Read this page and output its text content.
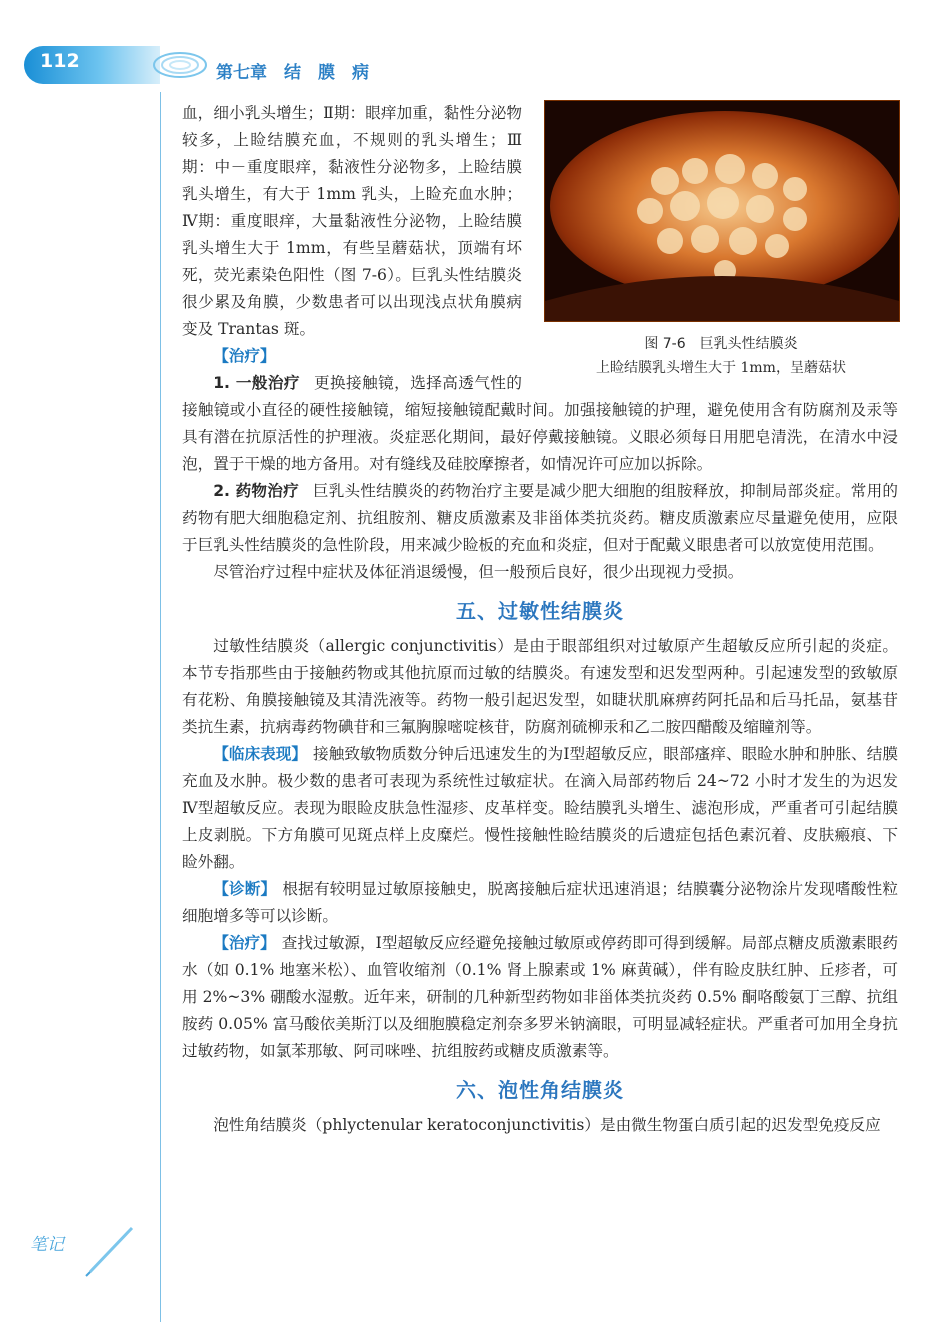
112
第七章　结　膜　病
笔记
图 7-6　巨乳头性结膜炎
上睑结膜乳头增生大于 1mm，呈蘑菇状

血，细小乳头增生；Ⅱ期：眼痒加重，黏性分泌物较多，上睑结膜充血，不规则的乳头增生；Ⅲ期：中－重度眼痒，黏液性分泌物多，上睑结膜乳头增生，有大于 1mm 乳头，上睑充血水肿；Ⅳ期：重度眼痒，大量黏液性分泌物，上睑结膜乳头增生大于 1mm，有些呈蘑菇状，顶端有坏死，荧光素染色阳性（图 7-6）。巨乳头性结膜炎很少累及角膜，少数患者可以出现浅点状角膜病变及 Trantas 斑。

【治疗】

1. 一般治疗 更换接触镜，选择高透气性的接触镜或小直径的硬性接触镜，缩短接触镜配戴时间。加强接触镜的护理，避免使用含有防腐剂及汞等具有潜在抗原活性的护理液。炎症恶化期间，最好停戴接触镜。义眼必须每日用肥皂清洗，在清水中浸泡，置于干燥的地方备用。对有缝线及硅胶摩擦者，如情况许可应加以拆除。

2. 药物治疗 巨乳头性结膜炎的药物治疗主要是减少肥大细胞的组胺释放，抑制局部炎症。常用的药物有肥大细胞稳定剂、抗组胺剂、糖皮质激素及非甾体类抗炎药。糖皮质激素应尽量避免使用，应限于巨乳头性结膜炎的急性阶段，用来减少睑板的充血和炎症，但对于配戴义眼患者可以放宽使用范围。

尽管治疗过程中症状及体征消退缓慢，但一般预后良好，很少出现视力受损。

五、过敏性结膜炎

过敏性结膜炎（allergic conjunctivitis）是由于眼部组织对过敏原产生超敏反应所引起的炎症。本节专指那些由于接触药物或其他抗原而过敏的结膜炎。有速发型和迟发型两种。引起速发型的致敏原有花粉、角膜接触镜及其清洗液等。药物一般引起迟发型，如睫状肌麻痹药阿托品和后马托品，氨基苷类抗生素，抗病毒药物碘苷和三氟胸腺嘧啶核苷，防腐剂硫柳汞和乙二胺四醋酸及缩瞳剂等。

【临床表现】 接触致敏物质数分钟后迅速发生的为Ⅰ型超敏反应，眼部瘙痒、眼睑水肿和肿胀、结膜充血及水肿。极少数的患者可表现为系统性过敏症状。在滴入局部药物后 24~72 小时才发生的为迟发Ⅳ型超敏反应。表现为眼睑皮肤急性湿疹、皮革样变。睑结膜乳头增生、滤泡形成，严重者可引起结膜上皮剥脱。下方角膜可见斑点样上皮糜烂。慢性接触性睑结膜炎的后遗症包括色素沉着、皮肤瘢痕、下睑外翻。

【诊断】 根据有较明显过敏原接触史，脱离接触后症状迅速消退；结膜囊分泌物涂片发现嗜酸性粒细胞增多等可以诊断。

【治疗】 查找过敏源，Ⅰ型超敏反应经避免接触过敏原或停药即可得到缓解。局部点糖皮质激素眼药水（如 0.1% 地塞米松）、血管收缩剂（0.1% 肾上腺素或 1% 麻黄碱），伴有睑皮肤红肿、丘疹者，可用 2%~3% 硼酸水湿敷。近年来，研制的几种新型药物如非甾体类抗炎药 0.5% 酮咯酸氨丁三醇、抗组胺药 0.05% 富马酸依美斯汀以及细胞膜稳定剂奈多罗米钠滴眼，可明显减轻症状。严重者可加用全身抗过敏药物，如氯苯那敏、阿司咪唑、抗组胺药或糖皮质激素等。

六、泡性角结膜炎

泡性角结膜炎（phlyctenular keratoconjunctivitis）是由微生物蛋白质引起的迟发型免疫反应
